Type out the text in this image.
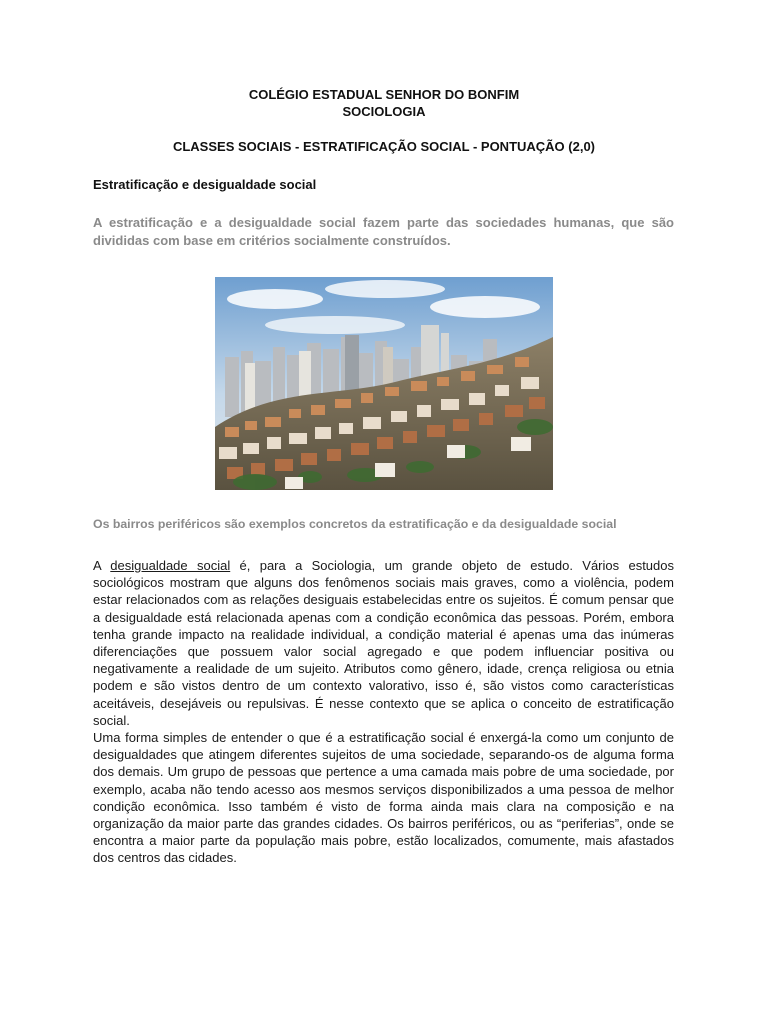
COLÉGIO ESTADUAL SENHOR DO BONFIM

SOCIOLOGIA

CLASSES SOCIAIS - ESTRATIFICAÇÃO SOCIAL - PONTUAÇÃO (2,0)

Estratificação e desigualdade social

A estratificação e a desigualdade social fazem parte das sociedades humanas, que são divididas com base em critérios socialmente construídos.

Os bairros periféricos são exemplos concretos da estratificação e da desigualdade social

A desigualdade social é, para a Sociologia, um grande objeto de estudo. Vários estudos sociológicos mostram que alguns dos fenômenos sociais mais graves, como a violência, podem estar relacionados com as relações desiguais estabelecidas entre os sujeitos. É comum pensar que a desigualdade está relacionada apenas com a condição econômica das pessoas. Porém, embora tenha grande impacto na realidade individual, a condição material é apenas uma das inúmeras diferenciações que possuem valor social agregado e que podem influenciar positiva ou negativamente a realidade de um sujeito. Atributos como gênero, idade, crença religiosa ou etnia podem e são vistos dentro de um contexto valorativo, isso é, são vistos como características aceitáveis, desejáveis ou repulsivas. É nesse contexto que se aplica o conceito de estratificação social.

Uma forma simples de entender o que é a estratificação social é enxergá-la como um conjunto de desigualdades que atingem diferentes sujeitos de uma sociedade, separando-os de alguma forma dos demais. Um grupo de pessoas que pertence a uma camada mais pobre de uma sociedade, por exemplo, acaba não tendo acesso aos mesmos serviços disponibilizados a uma pessoa de melhor condição econômica. Isso também é visto de forma ainda mais clara na composição e na organização da maior parte das grandes cidades. Os bairros periféricos, ou as “periferias”, onde se encontra a maior parte da população mais pobre, estão localizados, comumente, mais afastados dos centros das cidades.
